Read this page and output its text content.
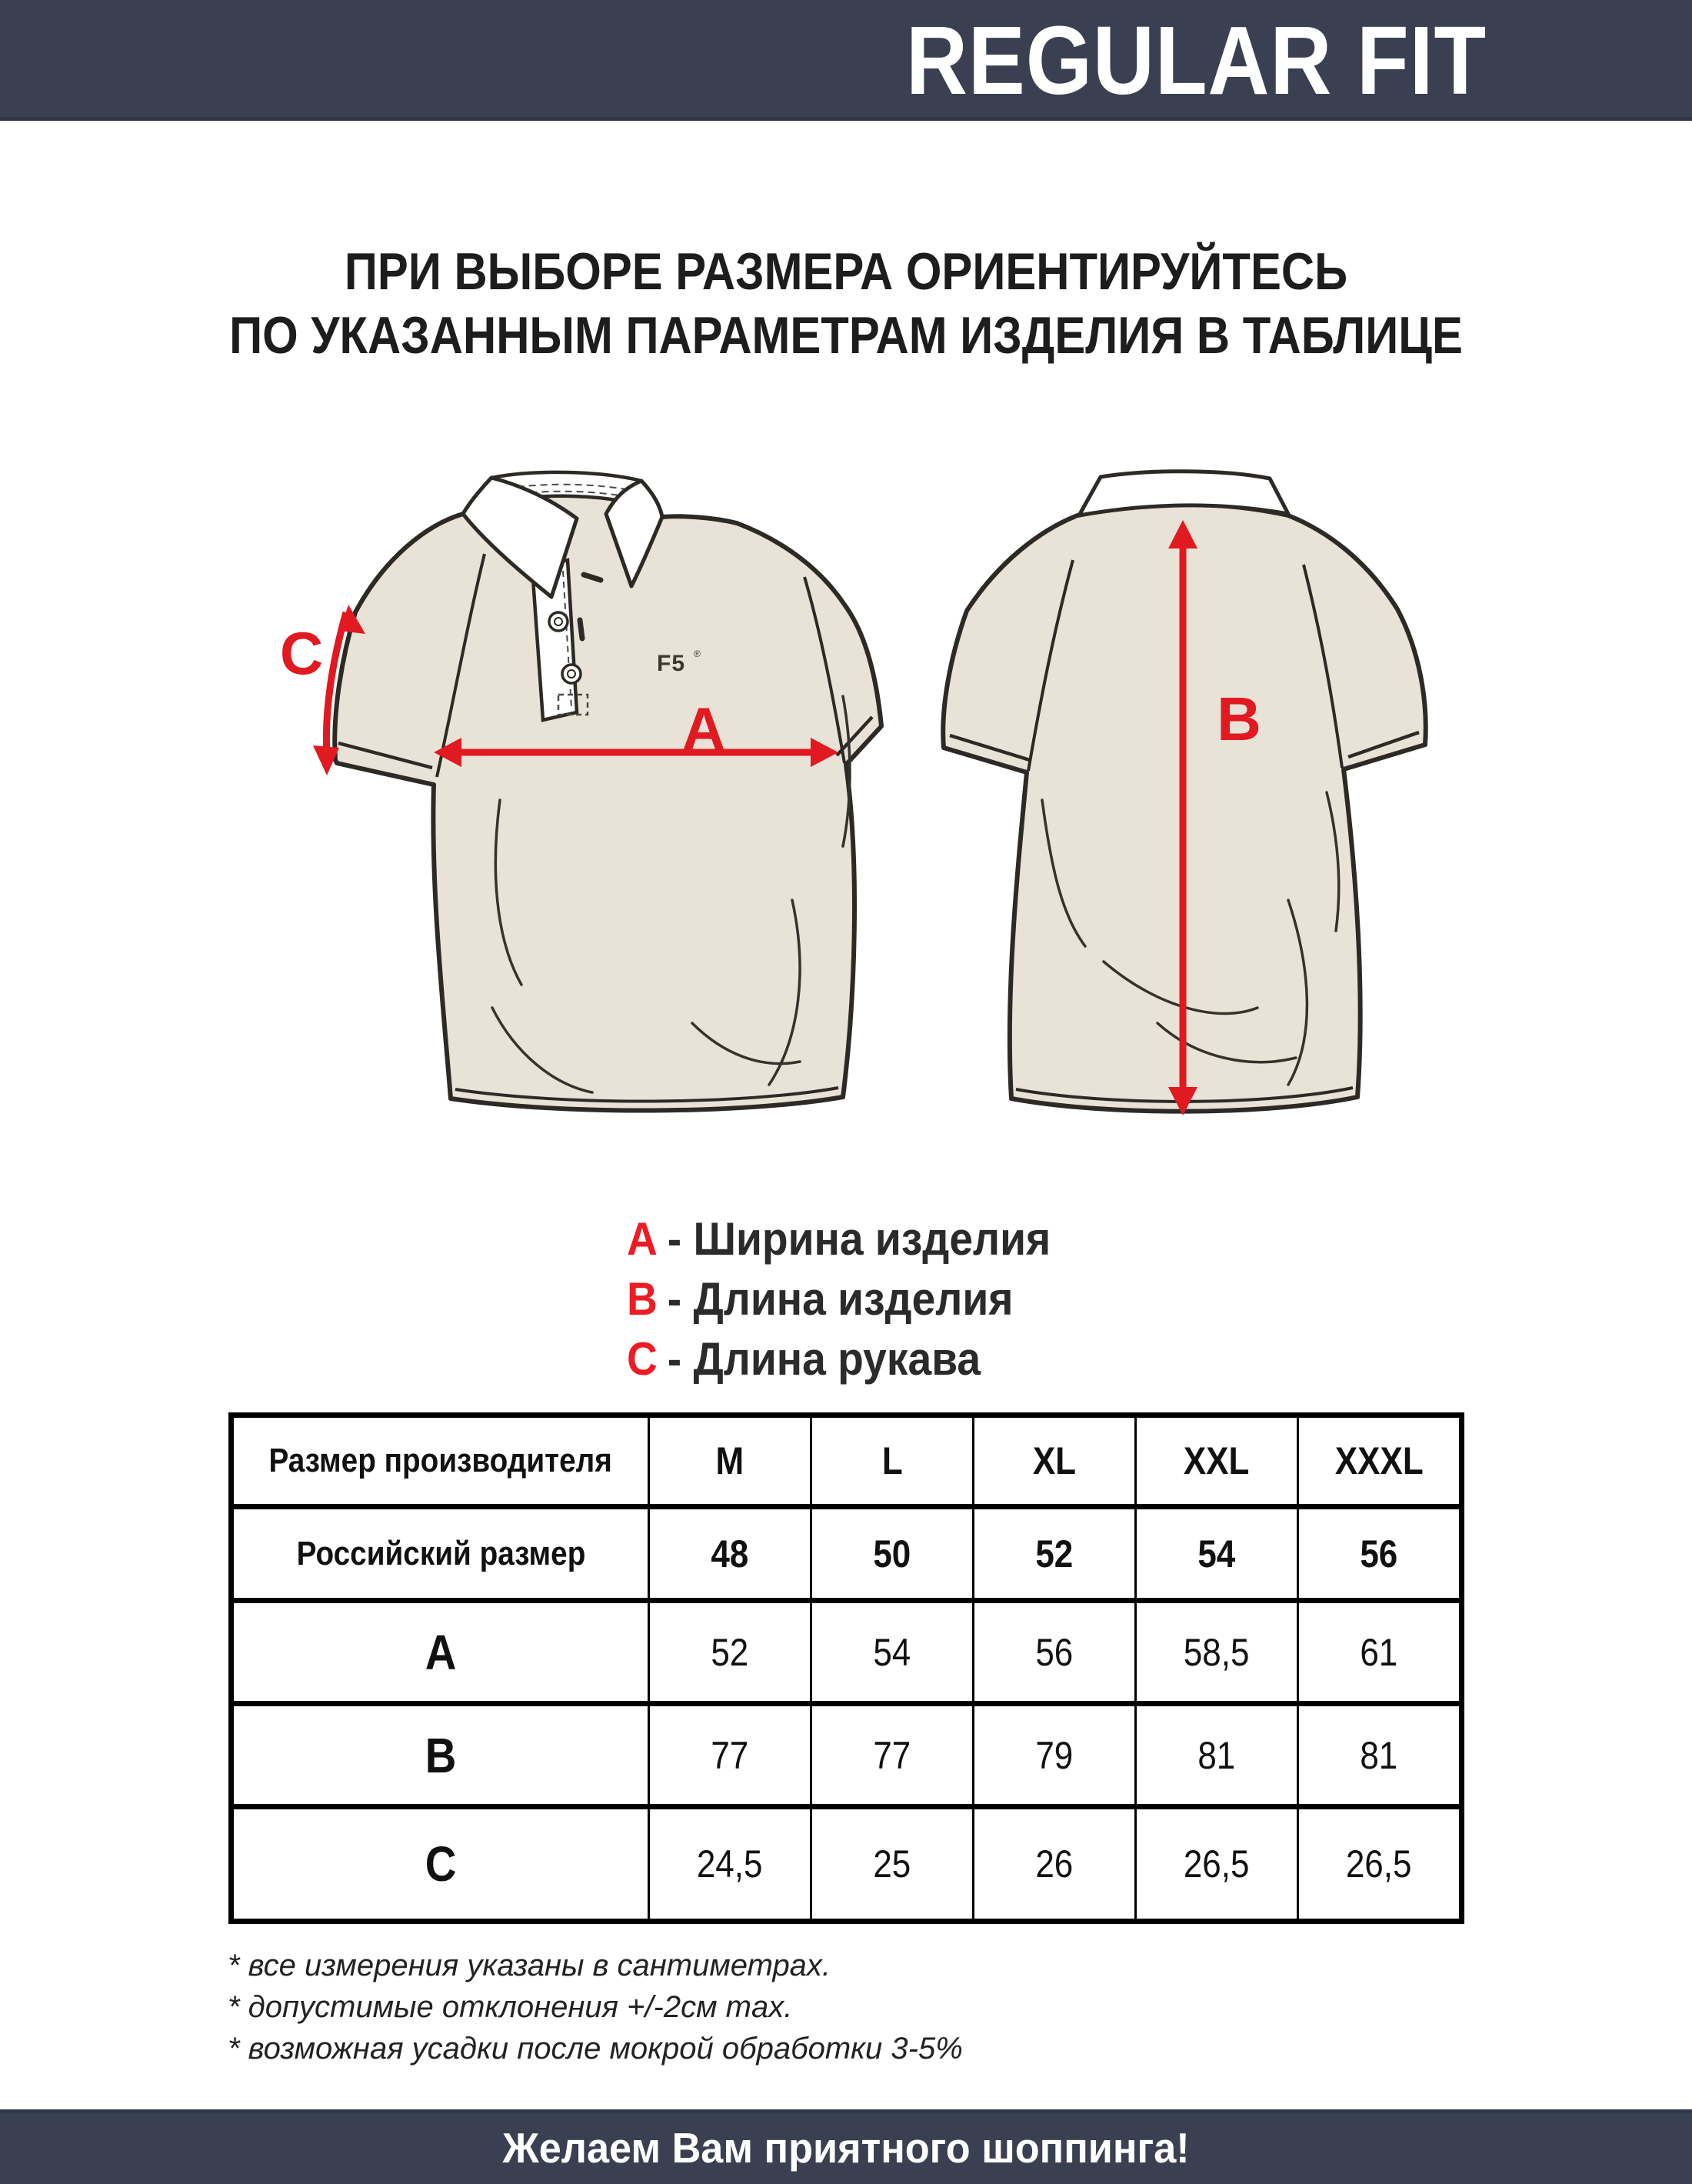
REGULAR FIT
ПРИ ВЫБОРЕ РАЗМЕРА ОРИЕНТИРУЙТЕСЬ
ПО УКАЗАННЫМ ПАРАМЕТРАМ ИЗДЕЛИЯ В ТАБЛИЦЕ
F5 ®
A
C
B
A - Ширина изделия
B - Длина изделия
C - Длина рукава
Размер производителя	M	L	XL	XXL	XXXL
Российский размер	48	50	52	54	56
A	52	54	56	58,5	61
B	77	77	79	81	81
C	24,5	25	26	26,5	26,5
* все измерения указаны в сантиметрах.
* допустимые отклонения +/-2см max.
* возможная усадки после мокрой обработки 3-5%
Желаем Вам приятного шоппинга!
